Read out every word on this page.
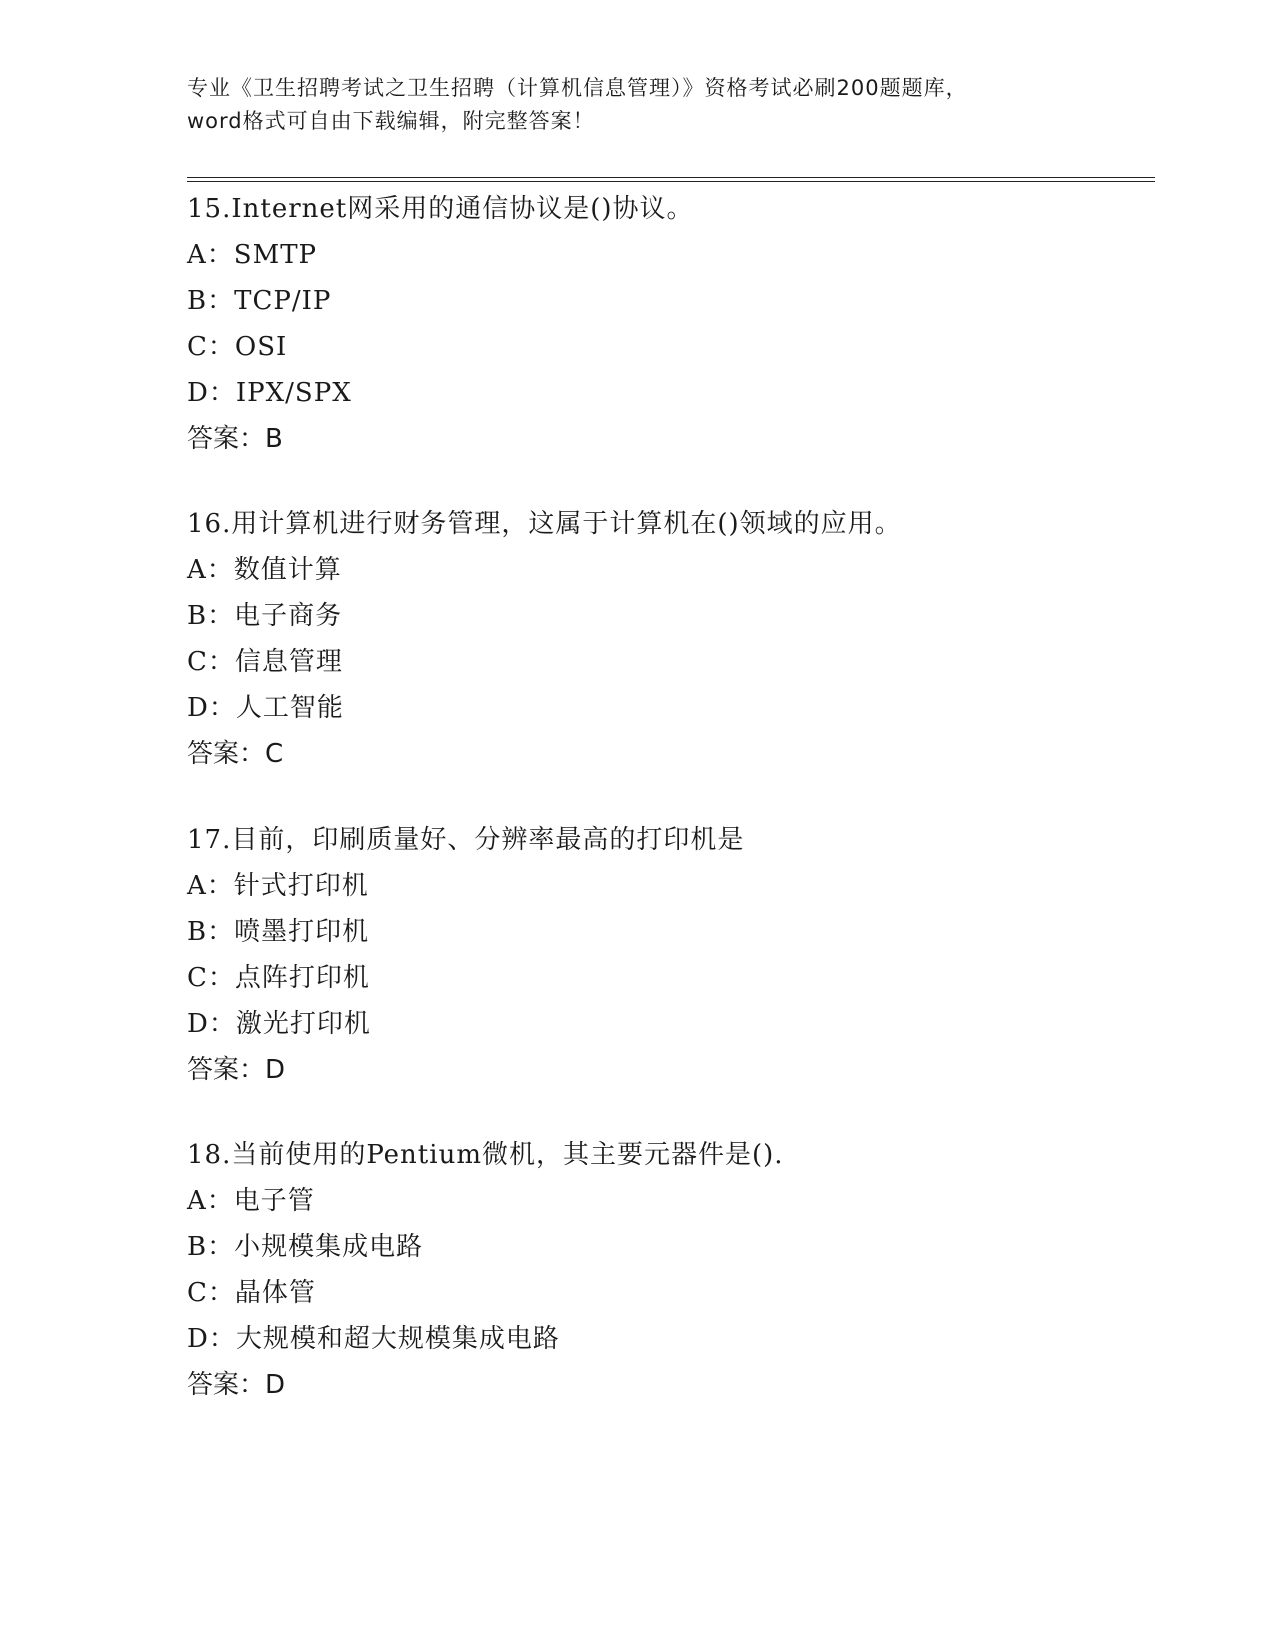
专业《卫生招聘考试之卫生招聘（计算机信息管理）》资格考试必刷200题题库，
word格式可自由下载编辑，附完整答案！
15.Internet网采用的通信协议是()协议。
A：SMTP
B：TCP/IP
C：OSI
D：IPX/SPX
答案：B
16.用计算机进行财务管理，这属于计算机在()领域的应用。
A：数值计算
B：电子商务
C：信息管理
D：人工智能
答案：C
17.目前，印刷质量好、分辨率最高的打印机是
A：针式打印机
B：喷墨打印机
C：点阵打印机
D：激光打印机
答案：D
18.当前使用的Pentium微机，其主要元器件是().
A：电子管
B：小规模集成电路
C：晶体管
D：大规模和超大规模集成电路
答案：D
